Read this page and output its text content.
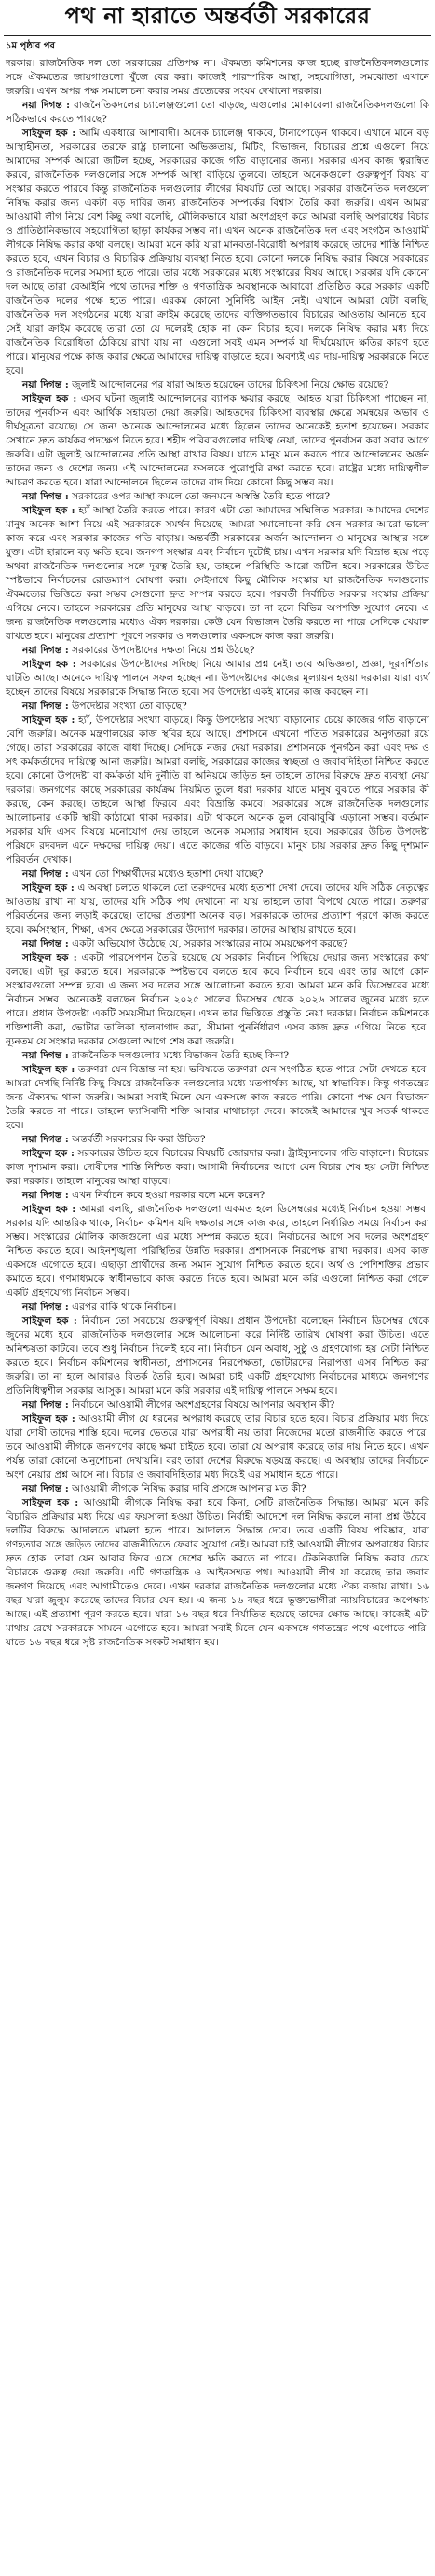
পথ না হারাতে অন্তর্বর্তী সরকারের
১ম পৃষ্ঠার পর

দরকার। রাজনৈতিক দল তো সরকারের প্রতিপক্ষ না। ঐকমত্য কমিশনের কাজ হচ্ছে রাজনৈতিকদলগুলোর সঙ্গে ঐকমত্যের জায়গাগুলো খুঁজে বের করা। কাজেই পারস্পরিক আস্থা, সহযোগিতা, সমঝোতা এখানে জরুরি। এখন অপর পক্ষ সমালোচনা করার সময় প্রত্যেকের সংযম দেখানো দরকার।

নয়া দিগন্ত : রাজনৈতিকদলের চ্যালেঞ্জগুলো তো বাড়ছে, এগুলোর মোকাবেলা রাজনৈতিকদলগুলো কি সঠিকভাবে করতে পারছে?

সাইফুল হক : আমি একধারে আশাবাদী। অনেক চ্যালেঞ্জ থাকবে, টানাপোড়েন থাকবে। এখানে মানে বড় আস্থাহীনতা, সরকারের তরফে রাষ্ট্র চালানো অভিজ্ঞতায়, মিটিং, বিভাজন, বিচারের প্রশ্নে এগুলো নিয়ে আমাদের সম্পর্ক আরো জটিল হচ্ছে, সরকারের কাজে গতি বাড়ানোর জন্য। সরকার এসব কাজ ত্বরান্বিত করবে, রাজনৈতিক দলগুলোর সঙ্গে সম্পর্ক আস্থা বাড়িয়ে তুলবে। তাহলে অনেকগুলো গুরুত্বপূর্ণ বিষয় বা সংস্কার করতে পারবে কিন্তু রাজনৈতিক দলগুলোর লীগের বিষয়টি তো আছে। সরকার রাজনৈতিক দলগুলো নিষিদ্ধ করার জন্য একটা বড় দাবির জন্য রাজনৈতিক সম্পর্কের বিশ্বাস তৈরি করা জরুরি। এখন আমরা আওয়ামী লীগ নিয়ে বেশ কিছু কথা বলেছি, মৌলিকভাবে যারা অংশগ্রহণ করে আমরা বলছি অপরাধের বিচার ও প্রাতিষ্ঠানিকভাবে সহযোগিতা ছাড়া কার্যকর সম্ভব না। এখন অনেক রাজনৈতিক দল এবং সংগঠন আওয়ামী লীগকে নিষিদ্ধ করার কথা বলছে। আমরা মনে করি যারা মানবতা-বিরোধী অপরাধ করেছে তাদের শাস্তি নিশ্চিত করতে হবে, এখন বিচার ও বিচারিক প্রক্রিয়ায় ব্যবস্থা নিতে হবে। কোনো দলকে নিষিদ্ধ করার বিষয়ে সরকারের ও রাজনৈতিক দলের সমস্যা হতে পারে। তার মধ্যে সরকারের মধ্যে সংস্কারের বিষয় আছে। সরকার যদি কোনো দল আছে তারা বেআইনি পথে তাদের শক্তি ও গণতান্ত্রিক অবস্থানকে আবারো প্রতিষ্ঠিত করে সরকার একটি রাজনৈতিক দলের পক্ষে হতে পারে। এরকম কোনো সুনির্দিষ্ট আইন নেই। এখানে আমরা যেটা বলছি, রাজনৈতিক দল সংগঠনের মধ্যে যারা ক্রাইম করেছে তাদের ব্যক্তিগতভাবে বিচারের আওতায় আনতে হবে। সেই যারা ক্রাইম করেছে তারা তো যে দলেরই হোক না কেন বিচার হবে। দলকে নিষিদ্ধ করার মধ্য দিয়ে রাজনৈতিক বিরোধিতা ঠেকিয়ে রাখা যায় না। এগুলো সবই এমন সম্পর্ক যা দীর্ঘমেয়াদে ক্ষতির কারণ হতে পারে। মানুষের পক্ষে কাজ করার ক্ষেত্রে আমাদের দায়িত্ব বাড়াতে হবে। অবশ্যই এর দায়-দায়িত্ব সরকারকে নিতে হবে।

নয়া দিগন্ত : জুলাই আন্দোলনের পর যারা আহত হয়েছেন তাদের চিকিৎসা নিয়ে ক্ষোভ রয়েছে?

সাইফুল হক : এসব ঘটনা জুলাই আন্দোলনের ব্যাপক ক্ষয়ার করছে। আহত যারা চিকিৎসা পাচ্ছেন না, তাদের পুনর্বাসন এবং আর্থিক সহায়তা দেয়া জরুরি। আহতদের চিকিৎসা ব্যবস্থার ক্ষেত্রে সমন্বয়ের অভাব ও দীর্ঘসূত্রতা রয়েছে। সে জন্য অনেকে আন্দোলনের মধ্যে ছিলেন তাদের অনেকেই হতাশ হয়েছেন। সরকার সেখানে দ্রুত কার্যকর পদক্ষেপ নিতে হবে। শহীদ পরিবারগুলোর দায়িত্ব নেয়া, তাদের পুনর্বাসন করা সবার আগে জরুরি। এটা জুলাই আন্দোলনের প্রতি আস্থা রাখার বিষয়। যাতে মানুষ মনে করতে পারে আন্দোলনের অর্জন তাদের জন্য ও দেশের জন্য। এই আন্দোলনের ফসলকে পুরোপুরি রক্ষা করতে হবে। রাষ্ট্রের মধ্যে দায়িত্বশীল আচরণ করতে হবে। যারা আন্দোলনে ছিলেন তাদের বাদ দিয়ে কোনো কিছু সম্ভব নয়।

নয়া দিগন্ত : সরকারের ওপর আস্থা কমলে তো জনমনে অস্বস্তি তৈরি হতে পারে?

সাইফুল হক : হ্যাঁ আস্থা তৈরি করতে পারে। কারণ এটা তো আমাদের সম্মিলিত সরকার। আমাদের দেশের মানুষ অনেক আশা নিয়ে এই সরকারকে সমর্থন দিয়েছে। আমরা সমালোচনা করি যেন সরকার আরো ভালো কাজ করে এবং সরকার কাজের গতি বাড়ায়। অন্তর্বর্তী সরকারের অর্জন আন্দোলন ও মানুষের আস্থার সঙ্গে যুক্ত। এটা হারালে বড় ক্ষতি হবে। জনগণ সংস্কার এবং নির্বাচন দুটোই চায়। এখন সরকার যদি বিভ্রান্ত হয়ে পড়ে অথবা রাজনৈতিক দলগুলোর সঙ্গে দূরত্ব তৈরি হয়, তাহলে পরিস্থিতি আরো জটিল হবে। সরকারের উচিত স্পষ্টভাবে নির্বাচনের রোডম্যাপ ঘোষণা করা। সেইসাথে কিছু মৌলিক সংস্কার যা রাজনৈতিক দলগুলোর ঐকমত্যের ভিত্তিতে করা সম্ভব সেগুলো দ্রুত সম্পন্ন করতে হবে। পরবর্তী নির্বাচিত সরকার সংস্কার প্রক্রিয়া এগিয়ে নেবে। তাহলে সরকারের প্রতি মানুষের আস্থা বাড়বে। তা না হলে বিভিন্ন অপশক্তি সুযোগ নেবে। এ জন্য রাজনৈতিক দলগুলোর মধ্যেও ঐক্য দরকার। কেউ যেন বিভাজন তৈরি করতে না পারে সেদিকে খেয়াল রাখতে হবে। মানুষের প্রত্যাশা পূরণে সরকার ও দলগুলোর একসঙ্গে কাজ করা জরুরি।

নয়া দিগন্ত : সরকারের উপদেষ্টাদের দক্ষতা নিয়ে প্রশ্ন উঠছে?

সাইফুল হক : সরকারের উপদেষ্টাদের সদিচ্ছা নিয়ে আমার প্রশ্ন নেই। তবে অভিজ্ঞতা, প্রজ্ঞা, দূরদর্শিতার ঘাটতি আছে। অনেকে দায়িত্ব পালনে সফল হচ্ছেন না। উপদেষ্টাদের কাজের মূল্যায়ন হওয়া দরকার। যারা ব্যর্থ হচ্ছেন তাদের বিষয়ে সরকারকে সিদ্ধান্ত নিতে হবে। সব উপদেষ্টা একই মানের কাজ করছেন না।

নয়া দিগন্ত : উপদেষ্টার সংখ্যা তো বাড়ছে?

সাইফুল হক : হ্যাঁ, উপদেষ্টার সংখ্যা বাড়ছে। কিন্তু উপদেষ্টার সংখ্যা বাড়ানোর চেয়ে কাজের গতি বাড়ানো বেশি জরুরি। অনেক মন্ত্রণালয়ের কাজ স্থবির হয়ে আছে। প্রশাসনে এখনো পতিত সরকারের অনুগতরা রয়ে গেছে। তারা সরকারের কাজে বাধা দিচ্ছে। সেদিকে নজর দেয়া দরকার। প্রশাসনকে পুনর্গঠন করা এবং দক্ষ ও সৎ কর্মকর্তাদের দায়িত্বে আনা জরুরি। আমরা বলছি, সরকারের কাজের স্বচ্ছতা ও জবাবদিহিতা নিশ্চিত করতে হবে। কোনো উপদেষ্টা বা কর্মকর্তা যদি দুর্নীতি বা অনিয়মে জড়িত হন তাহলে তাদের বিরুদ্ধে দ্রুত ব্যবস্থা নেয়া দরকার। জনগণের কাছে সরকারের কার্যক্রম নিয়মিত তুলে ধরা দরকার যাতে মানুষ বুঝতে পারে সরকার কী করছে, কেন করছে। তাহলে আস্থা ফিরবে এবং বিভ্রান্তি কমবে। সরকারের সঙ্গে রাজনৈতিক দলগুলোর আলোচনার একটি স্থায়ী কাঠামো থাকা দরকার। এটা থাকলে অনেক ভুল বোঝাবুঝি এড়ানো সম্ভব। বর্তমান সরকার যদি এসব বিষয়ে মনোযোগ দেয় তাহলে অনেক সমস্যার সমাধান হবে। সরকারের উচিত উপদেষ্টা পরিষদে রদবদল এনে দক্ষদের দায়িত্ব দেয়া। এতে কাজের গতি বাড়বে। মানুষ চায় সরকার দ্রুত কিছু দৃশ্যমান পরিবর্তন দেখাক।

নয়া দিগন্ত : এখন তো শিক্ষার্থীদের মধ্যেও হতাশা দেখা যাচ্ছে?

সাইফুল হক : এ অবস্থা চলতে থাকলে তো তরুণদের মধ্যে হতাশা দেখা দেবে। তাদের যদি সঠিক নেতৃত্বের আওতায় রাখা না যায়, তাদের যদি সঠিক পথ দেখানো না যায় তাহলে তারা বিপথে যেতে পারে। তরুণরা পরিবর্তনের জন্য লড়াই করেছে। তাদের প্রত্যাশা অনেক বড়। সরকারকে তাদের প্রত্যাশা পূরণে কাজ করতে হবে। কর্মসংস্থান, শিক্ষা, এসব ক্ষেত্রে সরকারের উদ্যোগ দরকার। তাদের আস্থায় রাখতে হবে।

নয়া দিগন্ত : একটা অভিযোগ উঠেছে যে, সরকার সংস্কারের নামে সময়ক্ষেপণ করছে?

সাইফুল হক : একটা পারসেপশন তৈরি হয়েছে যে সরকার নির্বাচন পিছিয়ে দেয়ার জন্য সংস্কারের কথা বলছে। এটা দূর করতে হবে। সরকারকে স্পষ্টভাবে বলতে হবে কবে নির্বাচন হবে এবং তার আগে কোন সংস্কারগুলো সম্পন্ন হবে। এ জন্য সব দলের সঙ্গে আলোচনা করতে হবে। আমরা মনে করি ডিসেম্বরের মধ্যে নির্বাচন সম্ভব। অনেকেই বলছেন নির্বাচন ২০২৫ সালের ডিসেম্বর থেকে ২০২৬ সালের জুনের মধ্যে হতে পারে। প্রধান উপদেষ্টা একটি সময়সীমা দিয়েছেন। এখন তার ভিত্তিতে প্রস্তুতি নেয়া দরকার। নির্বাচন কমিশনকে শক্তিশালী করা, ভোটার তালিকা হালনাগাদ করা, সীমানা পুনর্নির্ধারণ এসব কাজ দ্রুত এগিয়ে নিতে হবে। ন্যূনতম যে সংস্কার দরকার সেগুলো আগে শেষ করা জরুরি।

নয়া দিগন্ত : রাজনৈতিক দলগুলোর মধ্যে বিভাজন তৈরি হচ্ছে কিনা?

সাইফুল হক : তরুণরা যেন বিভ্রান্ত না হয়। ভবিষ্যতে তরুণরা যেন সংগঠিত হতে পারে সেটা দেখতে হবে। আমরা দেখছি নির্দিষ্ট কিছু বিষয়ে রাজনৈতিক দলগুলোর মধ্যে মতপার্থক্য আছে, যা স্বাভাবিক। কিন্তু গণতন্ত্রের জন্য ঐক্যবদ্ধ থাকা জরুরি। আমরা সবাই মিলে যেন একসঙ্গে কাজ করতে পারি। কোনো পক্ষ যেন বিভাজন তৈরি করতে না পারে। তাহলে ফ্যাসিবাদী শক্তি আবার মাথাচাড়া দেবে। কাজেই আমাদের খুব সতর্ক থাকতে হবে।

নয়া দিগন্ত : অন্তর্বর্তী সরকারের কি করা উচিত?

সাইফুল হক : সরকারের উচিত হবে বিচারের বিষয়টি জোরদার করা। ট্রাইব্যুনালের গতি বাড়ানো। বিচারের কাজ দৃশ্যমান করা। দোষীদের শাস্তি নিশ্চিত করা। আগামী নির্বাচনের আগে যেন বিচার শেষ হয় সেটা নিশ্চিত করা দরকার। তাহলে মানুষের আস্থা বাড়বে।

নয়া দিগন্ত : এখন নির্বাচন কবে হওয়া দরকার বলে মনে করেন?

সাইফুল হক : আমরা বলছি, রাজনৈতিক দলগুলো একমত হলে ডিসেম্বরের মধ্যেই নির্বাচন হওয়া সম্ভব। সরকার যদি আন্তরিক থাকে, নির্বাচন কমিশন যদি দক্ষতার সঙ্গে কাজ করে, তাহলে নির্ধারিত সময়ে নির্বাচন করা সম্ভব। সংস্কারের মৌলিক কাজগুলো এর মধ্যে সম্পন্ন করতে হবে। নির্বাচনের আগে সব দলের অংশগ্রহণ নিশ্চিত করতে হবে। আইনশৃঙ্খলা পরিস্থিতির উন্নতি দরকার। প্রশাসনকে নিরপেক্ষ রাখা দরকার। এসব কাজ একসঙ্গে এগোতে হবে। এছাড়া প্রার্থীদের জন্য সমান সুযোগ নিশ্চিত করতে হবে। অর্থ ও পেশিশক্তির প্রভাব কমাতে হবে। গণমাধ্যমকে স্বাধীনভাবে কাজ করতে দিতে হবে। আমরা মনে করি এগুলো নিশ্চিত করা গেলে একটি গ্রহণযোগ্য নির্বাচন সম্ভব।

নয়া দিগন্ত : এরপর বাকি থাকে নির্বাচন।

সাইফুল হক : নির্বাচন তো সবচেয়ে গুরুত্বপূর্ণ বিষয়। প্রধান উপদেষ্টা বলেছেন নির্বাচন ডিসেম্বর থেকে জুনের মধ্যে হবে। রাজনৈতিক দলগুলোর সঙ্গে আলোচনা করে নির্দিষ্ট তারিখ ঘোষণা করা উচিত। এতে অনিশ্চয়তা কাটবে। তবে শুধু নির্বাচন দিলেই হবে না। নির্বাচন যেন অবাধ, সুষ্ঠু ও গ্রহণযোগ্য হয় সেটা নিশ্চিত করতে হবে। নির্বাচন কমিশনের স্বাধীনতা, প্রশাসনের নিরপেক্ষতা, ভোটারদের নিরাপত্তা এসব নিশ্চিত করা জরুরি। তা না হলে আবারও বিতর্ক তৈরি হবে। আমরা চাই একটি গ্রহণযোগ্য নির্বাচনের মাধ্যমে জনগণের প্রতিনিধিত্বশীল সরকার আসুক। আমরা মনে করি সরকার এই দায়িত্ব পালনে সক্ষম হবে।

নয়া দিগন্ত : নির্বাচনে আওয়ামী লীগের অংশগ্রহণের বিষয়ে আপনার অবস্থান কী?

সাইফুল হক : আওয়ামী লীগ যে ধরনের অপরাধ করেছে তার বিচার হতে হবে। বিচার প্রক্রিয়ার মধ্য দিয়ে যারা দোষী তাদের শাস্তি হবে। দলের ভেতরে যারা অপরাধী নয় তারা নিজেদের মতো রাজনীতি করতে পারে। তবে আওয়ামী লীগকে জনগণের কাছে ক্ষমা চাইতে হবে। তারা যে অপরাধ করেছে তার দায় নিতে হবে। এখন পর্যন্ত তারা কোনো অনুশোচনা দেখায়নি। বরং তারা দেশের বিরুদ্ধে ষড়যন্ত্র করছে। এ অবস্থায় তাদের নির্বাচনে অংশ নেয়ার প্রশ্ন আসে না। বিচার ও জবাবদিহিতার মধ্য দিয়েই এর সমাধান হতে পারে।

নয়া দিগন্ত : আওয়ামী লীগকে নিষিদ্ধ করার দাবি প্রসঙ্গে আপনার মত কী?

সাইফুল হক : আওয়ামী লীগকে নিষিদ্ধ করা হবে কিনা, সেটি রাজনৈতিক সিদ্ধান্ত। আমরা মনে করি বিচারিক প্রক্রিয়ার মধ্য দিয়ে এর ফয়সালা হওয়া উচিত। নির্বাহী আদেশে দল নিষিদ্ধ করলে নানা প্রশ্ন উঠবে। দলটির বিরুদ্ধে আদালতে মামলা হতে পারে। আদালত সিদ্ধান্ত দেবে। তবে একটি বিষয় পরিষ্কার, যারা গণহত্যার সঙ্গে জড়িত তাদের রাজনীতিতে ফেরার সুযোগ নেই। আমরা চাই আওয়ামী লীগের অপরাধের বিচার দ্রুত হোক। তারা যেন আবার ফিরে এসে দেশের ক্ষতি করতে না পারে। টেকনিক্যালি নিষিদ্ধ করার চেয়ে বিচারকে গুরুত্ব দেয়া জরুরি। এটি গণতান্ত্রিক ও আইনসম্মত পথ। আওয়ামী লীগ যা করেছে তার জবাব জনগণ দিয়েছে এবং আগামীতেও দেবে। এখন দরকার রাজনৈতিক দলগুলোর মধ্যে ঐক্য বজায় রাখা। ১৬ বছর যারা জুলুম করেছে তাদের বিচার যেন হয়। এ জন্য ১৬ বছর ধরে ভুক্তভোগীরা ন্যায়বিচারের অপেক্ষায় আছে। এই প্রত্যাশা পূরণ করতে হবে। যারা ১৬ বছর ধরে নির্যাতিত হয়েছে তাদের ক্ষোভ আছে। কাজেই এটা মাথায় রেখে সরকারকে সামনে এগোতে হবে। আমরা সবাই মিলে যেন একসঙ্গে গণতন্ত্রের পথে এগোতে পারি। যাতে ১৬ বছর ধরে সৃষ্ট রাজনৈতিক সংকট সমাধান হয়।
